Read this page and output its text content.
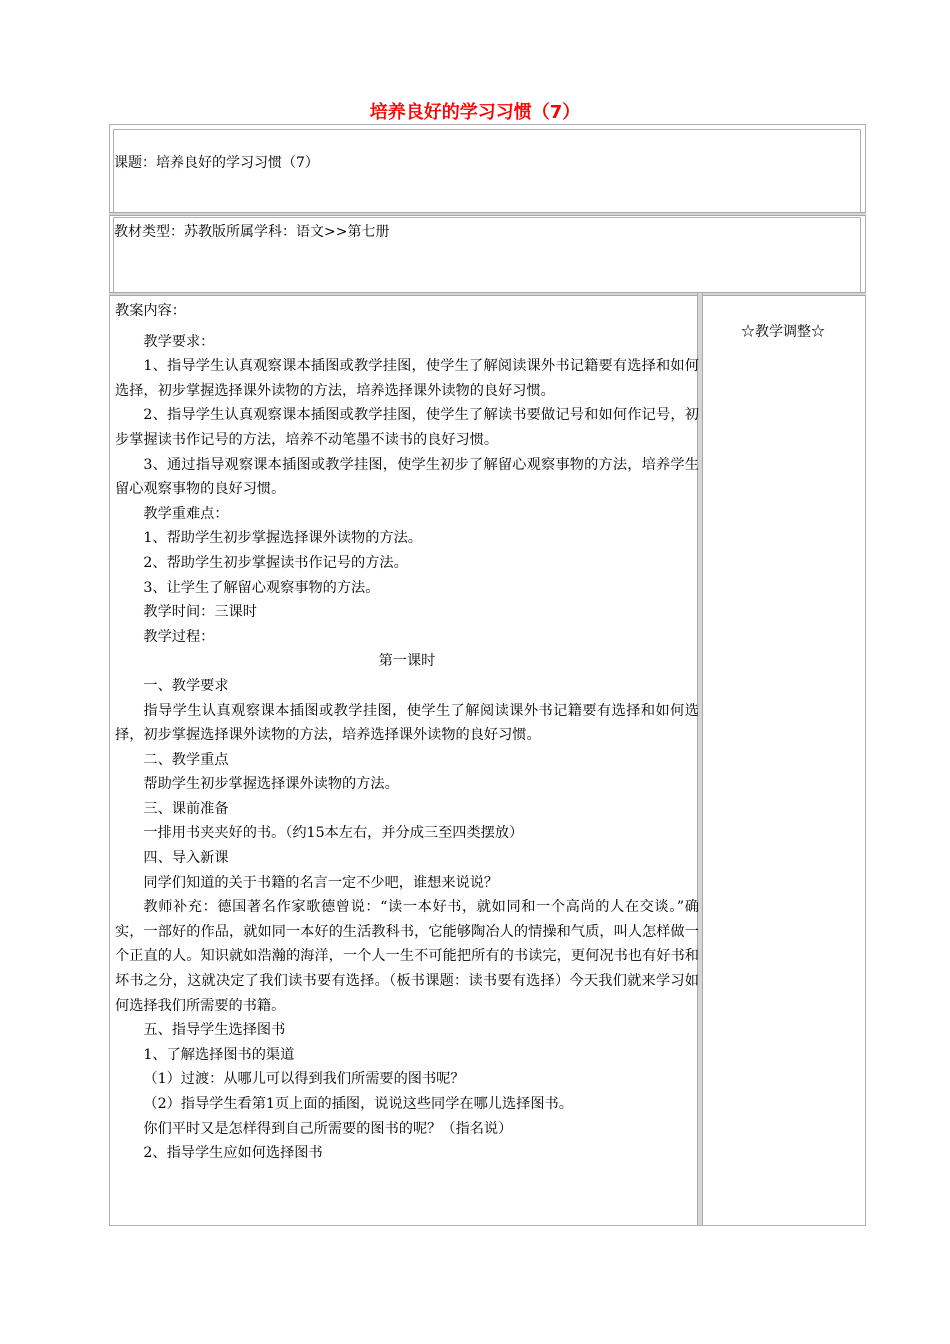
培养良好的学习习惯（7）
课题：培养良好的学习习惯（7）
教材类型：苏教版所属学科：语文>>第七册

教案内容：

教学要求：

1、指导学生认真观察课本插图或教学挂图，使学生了解阅读课外书记籍要有选择和如何选择，初步掌握选择课外读物的方法，培养选择课外读物的良好习惯。

2、指导学生认真观察课本插图或教学挂图，使学生了解读书要做记号和如何作记号，初步掌握读书作记号的方法，培养不动笔墨不读书的良好习惯。

3、通过指导观察课本插图或教学挂图，使学生初步了解留心观察事物的方法，培养学生留心观察事物的良好习惯。

教学重难点：

1、帮助学生初步掌握选择课外读物的方法。

2、帮助学生初步掌握读书作记号的方法。

3、让学生了解留心观察事物的方法。

教学时间：三课时

教学过程：

第一课时

一、教学要求

指导学生认真观察课本插图或教学挂图，使学生了解阅读课外书记籍要有选择和如何选择，初步掌握选择课外读物的方法，培养选择课外读物的良好习惯。

二、教学重点

帮助学生初步掌握选择课外读物的方法。

三、课前准备

一排用书夹夹好的书。（约15本左右，并分成三至四类摆放）

四、导入新课

同学们知道的关于书籍的名言一定不少吧，谁想来说说？

教师补充：德国著名作家歌德曾说：“读一本好书，就如同和一个高尚的人在交谈。”确实，一部好的作品，就如同一本好的生活教科书，它能够陶冶人的情操和气质，叫人怎样做一个正直的人。知识就如浩瀚的海洋，一个人一生不可能把所有的书读完，更何况书也有好书和坏书之分，这就决定了我们读书要有选择。（板书课题：读书要有选择）今天我们就来学习如何选择我们所需要的书籍。

五、指导学生选择图书

1、了解选择图书的渠道

（1）过渡：从哪儿可以得到我们所需要的图书呢？

（2）指导学生看第1页上面的插图，说说这些同学在哪儿选择图书。

你们平时又是怎样得到自己所需要的图书的呢？（指名说）

2、指导学生应如何选择图书

☆教学调整☆
